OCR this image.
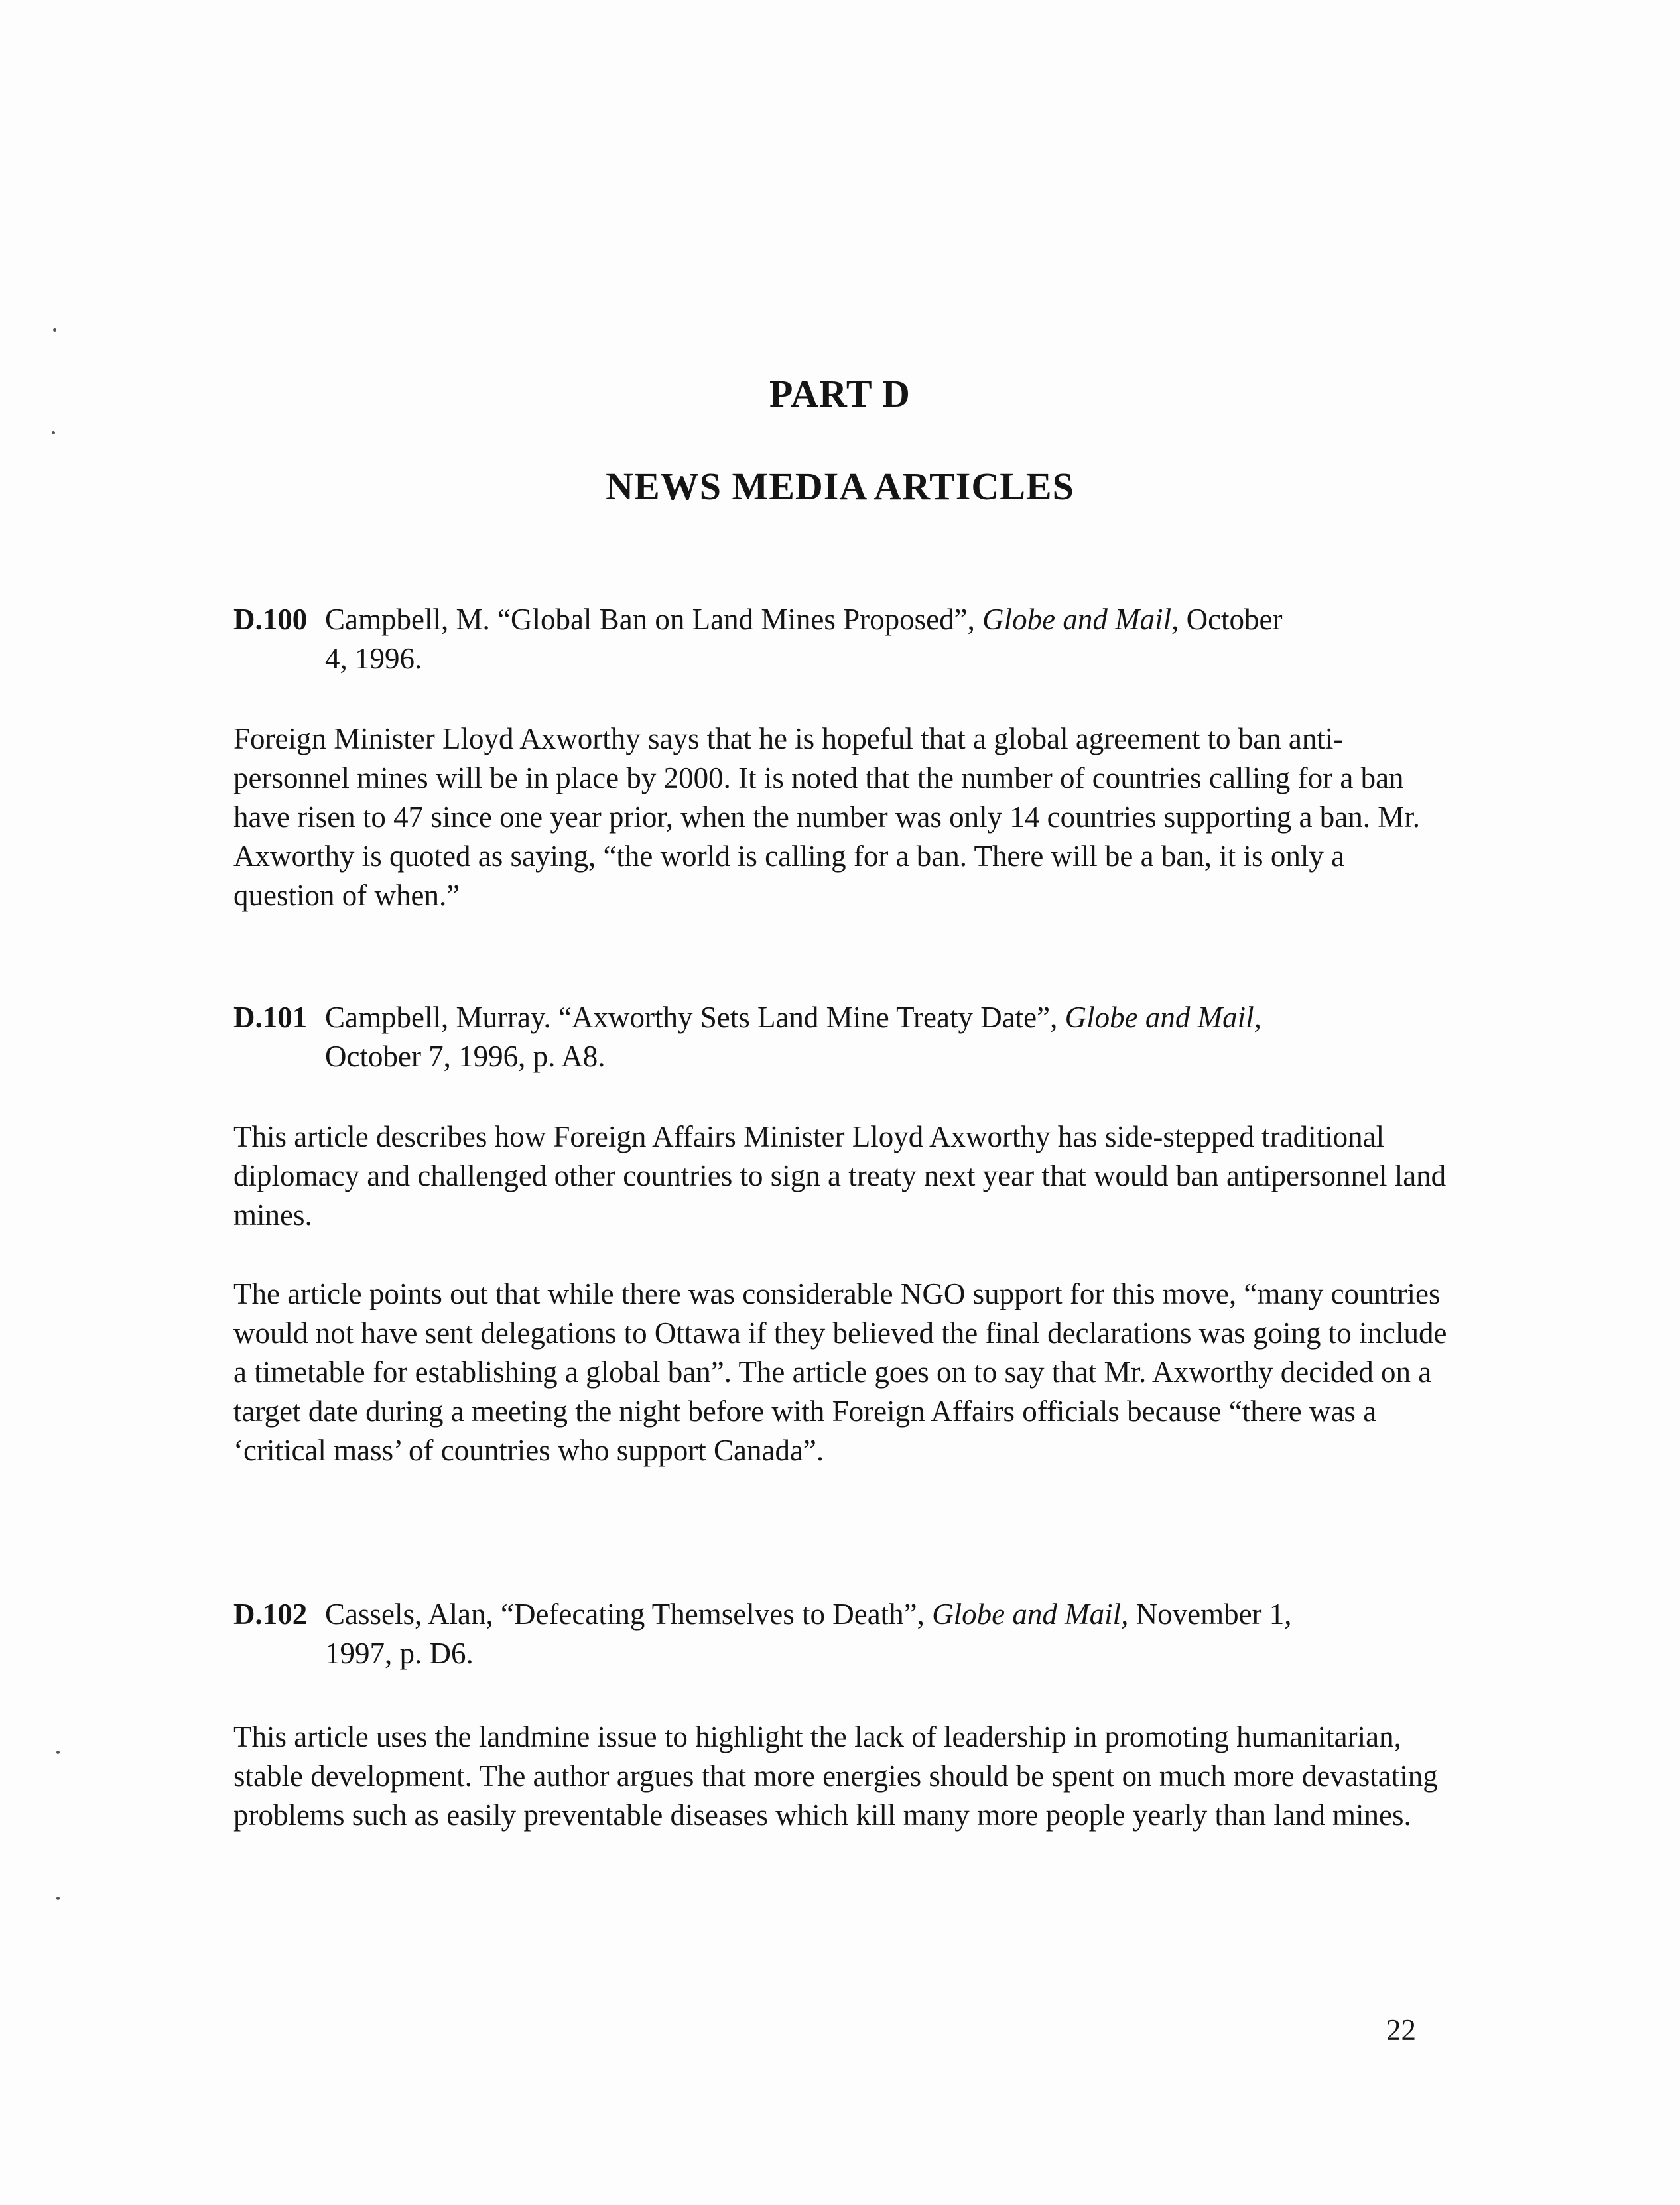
PART D
NEWS MEDIA ARTICLES

D.100 Campbell, M. “Global Ban on Land Mines Proposed”, Globe and Mail, October
4, 1996.

Foreign Minister Lloyd Axworthy says that he is hopeful that a global agreement to ban anti-personnel mines will be in place by 2000. It is noted that the number of countries calling for a ban have risen to 47 since one year prior, when the number was only 14 countries supporting a ban. Mr. Axworthy is quoted as saying, “the world is calling for a ban. There will be a ban, it is only a question of when.”

D.101 Campbell, Murray. “Axworthy Sets Land Mine Treaty Date”, Globe and Mail,
October 7, 1996, p. A8.

This article describes how Foreign Affairs Minister Lloyd Axworthy has side-stepped traditional diplomacy and challenged other countries to sign a treaty next year that would ban antipersonnel land mines.

The article points out that while there was considerable NGO support for this move, “many countries would not have sent delegations to Ottawa if they believed the final declarations was going to include a timetable for establishing a global ban”. The article goes on to say that Mr. Axworthy decided on a target date during a meeting the night before with Foreign Affairs officials because “there was a ‘critical mass’ of countries who support Canada”.

D.102 Cassels, Alan, “Defecating Themselves to Death”, Globe and Mail, November 1,
1997, p. D6.

This article uses the landmine issue to highlight the lack of leadership in promoting humanitarian, stable development. The author argues that more energies should be spent on much more devastating problems such as easily preventable diseases which kill many more people yearly than land mines.

22
